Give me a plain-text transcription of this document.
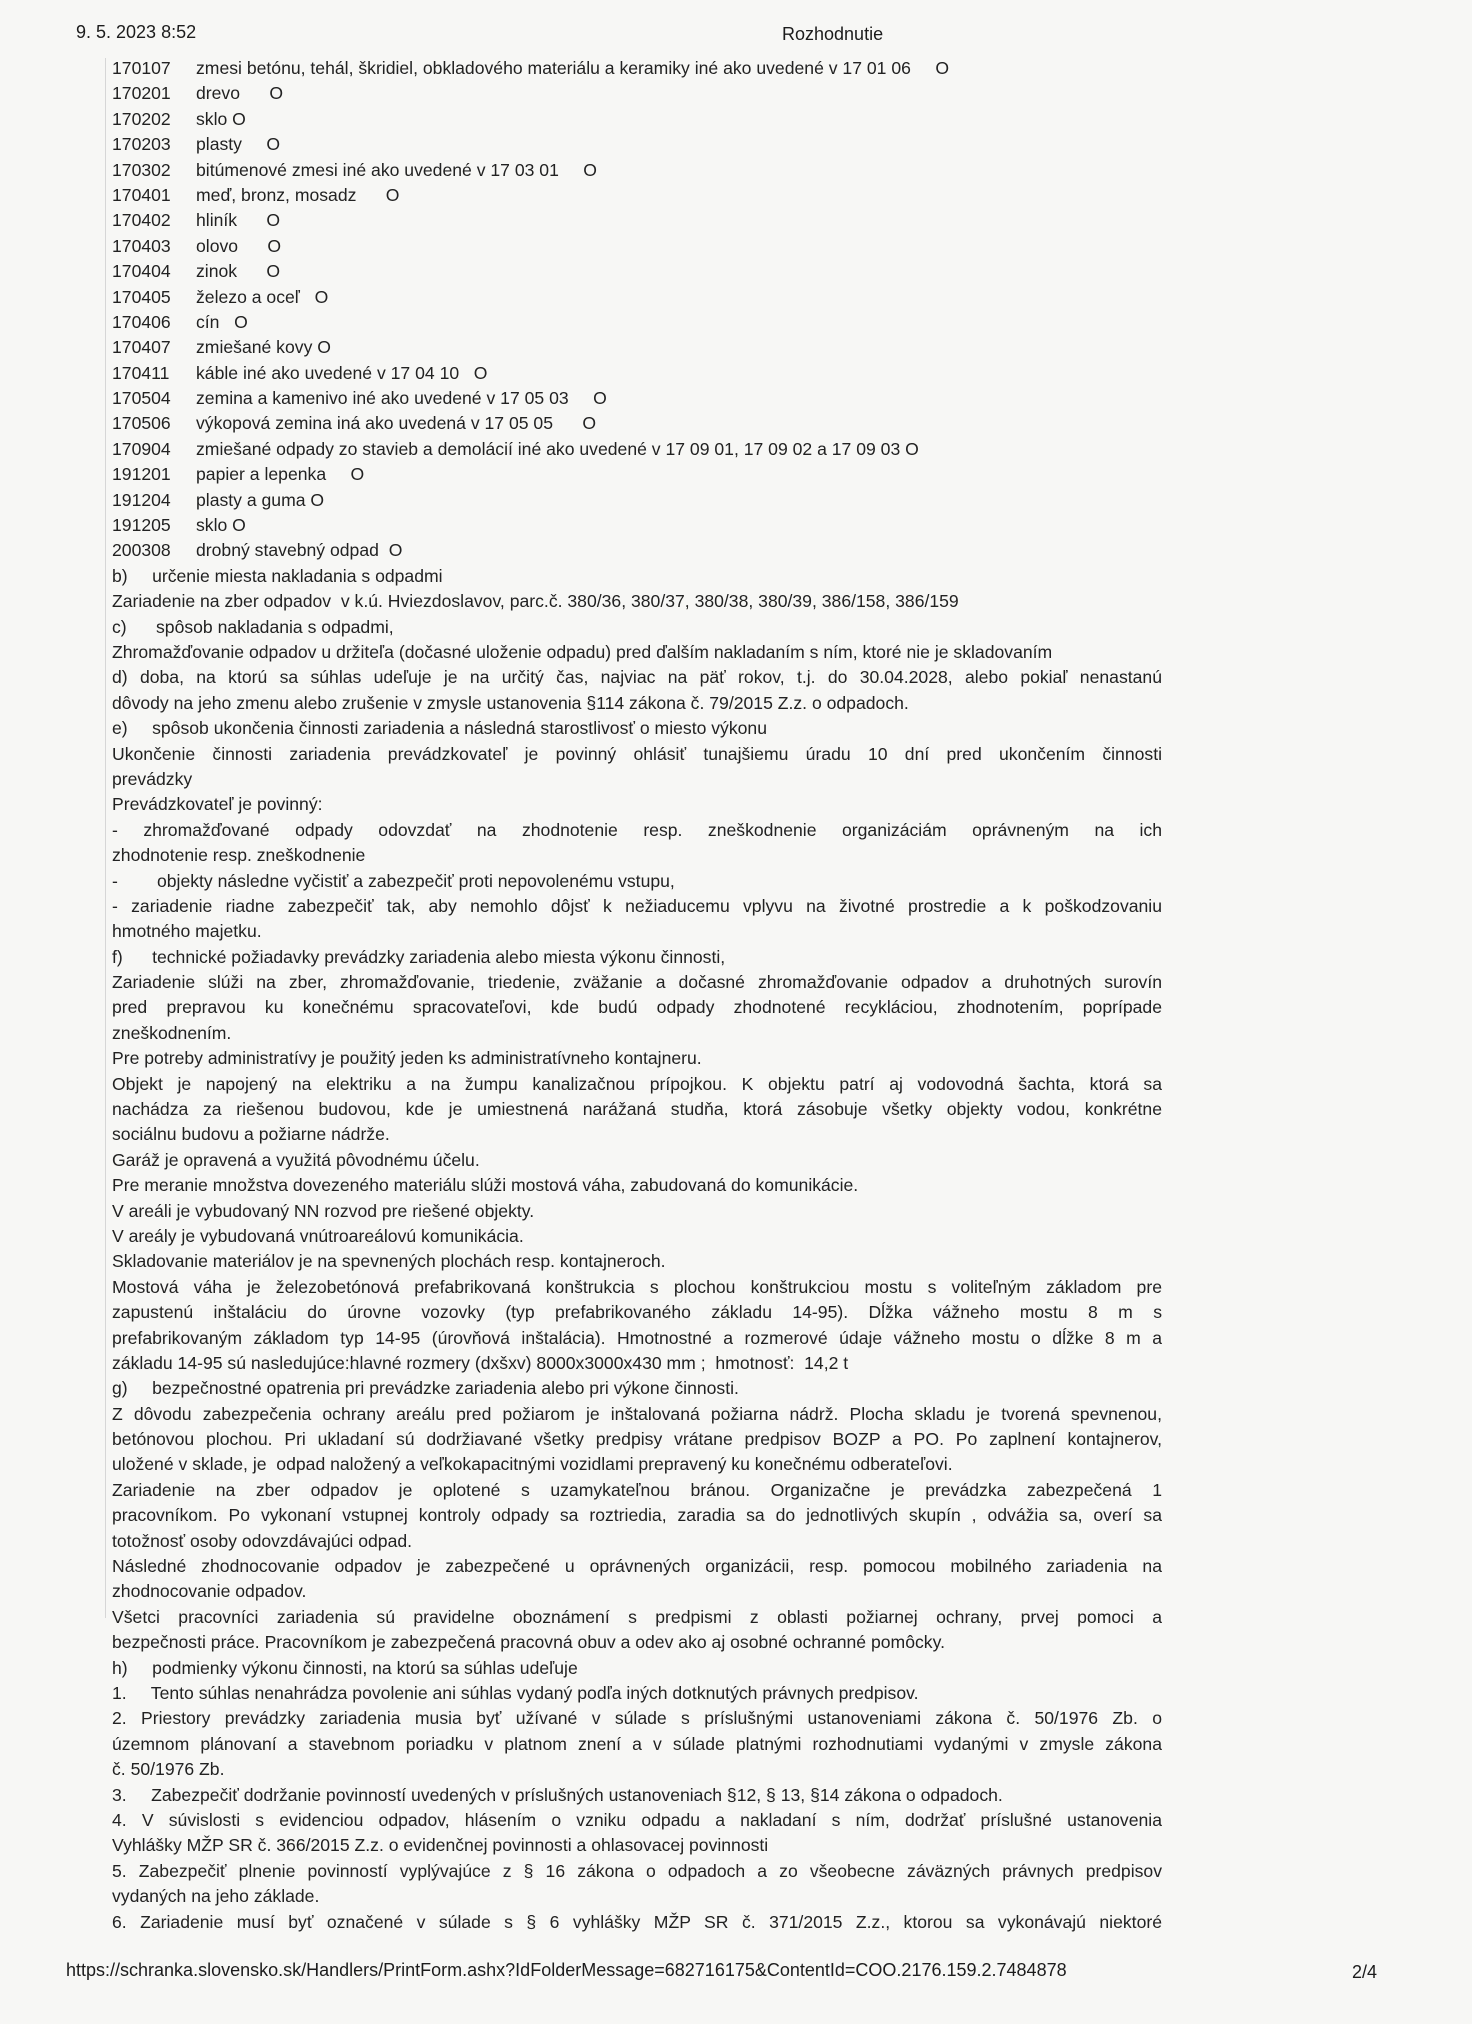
9. 5. 2023 8:52	Rozhodnutie
170107	zmesi betónu, tehál, škridiel, obkladového materiálu a keramiky iné ako uvedené v 17 01 06     O
170201	drevo      O
170202	sklo O
170203	plasty     O
170302	bitúmenové zmesi iné ako uvedené v 17 03 01     O
170401	meď, bronz, mosadz      O
170402	hliník      O
170403	olovo      O
170404	zinok      O
170405	železo a oceľ   O
170406	cín   O
170407	zmiešané kovy O
170411	káble iné ako uvedené v 17 04 10   O
170504	zemina a kamenivo iné ako uvedené v 17 05 03     O
170506	výkopová zemina iná ako uvedená v 17 05 05      O
170904	zmiešané odpady zo stavieb a demolácií iné ako uvedené v 17 09 01, 17 09 02 a 17 09 03 O
191201	papier a lepenka     O
191204	plasty a guma O
191205	sklo O
200308	drobný stavebný odpad  O
b)     určenie miesta nakladania s odpadmi
Zariadenie na zber odpadov  v k.ú. Hviezdoslavov, parc.č. 380/36, 380/37, 380/38, 380/39, 386/158, 386/159
c)      spôsob nakladania s odpadmi,
Zhromažďovanie odpadov u držiteľa (dočasné uloženie odpadu) pred ďalším nakladaním s ním, ktoré nie je skladovaním
d) doba, na ktorú sa súhlas udeľuje je na určitý čas, najviac na päť rokov, t.j. do 30.04.2028, alebo pokiaľ nenastanú
dôvody na jeho zmenu alebo zrušenie v zmysle ustanovenia §114 zákona č. 79/2015 Z.z. o odpadoch.
e)     spôsob ukončenia činnosti zariadenia a následná starostlivosť o miesto výkonu
Ukončenie činnosti zariadenia prevádzkovateľ je povinný ohlásiť tunajšiemu úradu 10 dní pred ukončením činnosti
prevádzky
Prevádzkovateľ je povinný:
- zhromažďované odpady odovzdať na zhodnotenie resp. zneškodnenie organizáciám oprávneným na ich
zhodnotenie resp. zneškodnenie
-        objekty následne vyčistiť a zabezpečiť proti nepovolenému vstupu,
- zariadenie riadne zabezpečiť tak, aby nemohlo dôjsť k nežiaducemu vplyvu na životné prostredie a k poškodzovaniu
hmotného majetku.
f)      technické požiadavky prevádzky zariadenia alebo miesta výkonu činnosti,
Zariadenie slúži na zber, zhromažďovanie, triedenie, zväžanie a dočasné zhromažďovanie odpadov a druhotných surovín
pred prepravou ku konečnému spracovateľovi, kde budú odpady zhodnotené recykláciou, zhodnotením, poprípade
zneškodnením.
Pre potreby administratívy je použitý jeden ks administratívneho kontajneru.
Objekt je napojený na elektriku a na žumpu kanalizačnou prípojkou. K objektu patrí aj vodovodná šachta, ktorá sa
nachádza za riešenou budovou, kde je umiestnená narážaná studňa, ktorá zásobuje všetky objekty vodou, konkrétne
sociálnu budovu a požiarne nádrže.
Garáž je opravená a využitá pôvodnému účelu.
Pre meranie množstva dovezeného materiálu slúži mostová váha, zabudovaná do komunikácie.
V areáli je vybudovaný NN rozvod pre riešené objekty.
V areály je vybudovaná vnútroareálovú komunikácia.
Skladovanie materiálov je na spevnených plochách resp. kontajneroch.
Mostová váha je železobetónová prefabrikovaná konštrukcia s plochou konštrukciou mostu s voliteľným základom pre
zapustenú inštaláciu do úrovne vozovky (typ prefabrikovaného základu 14-95). Dĺžka vážneho mostu 8 m s
prefabrikovaným základom typ 14-95 (úrovňová inštalácia). Hmotnostné a rozmerové údaje vážneho mostu o dĺžke 8 m a
základu 14-95 sú nasledujúce:hlavné rozmery (dxšxv) 8000x3000x430 mm ;  hmotnosť:  14,2 t
g)     bezpečnostné opatrenia pri prevádzke zariadenia alebo pri výkone činnosti.
Z dôvodu zabezpečenia ochrany areálu pred požiarom je inštalovaná požiarna nádrž. Plocha skladu je tvorená spevnenou,
betónovou plochou. Pri ukladaní sú dodržiavané všetky predpisy vrátane predpisov BOZP a PO. Po zaplnení kontajnerov,
uložené v sklade, je  odpad naložený a veľkokapacitnými vozidlami prepravený ku konečnému odberateľovi.
Zariadenie na zber odpadov je oplotené s uzamykateľnou bránou. Organizačne je prevádzka zabezpečená 1
pracovníkom. Po vykonaní vstupnej kontroly odpady sa roztriedia, zaradia sa do jednotlivých skupín , odvážia sa, overí sa
totožnosť osoby odovzdávajúci odpad.
Následné zhodnocovanie odpadov je zabezpečené u oprávnených organizácii, resp. pomocou mobilného zariadenia na
zhodnocovanie odpadov.
Všetci pracovníci zariadenia sú pravidelne oboznámení s predpismi z oblasti požiarnej ochrany, prvej pomoci a
bezpečnosti práce. Pracovníkom je zabezpečená pracovná obuv a odev ako aj osobné ochranné pomôcky.
h)     podmienky výkonu činnosti, na ktorú sa súhlas udeľuje
1.     Tento súhlas nenahrádza povolenie ani súhlas vydaný podľa iných dotknutých právnych predpisov.
2. Priestory prevádzky zariadenia musia byť užívané v súlade s príslušnými ustanoveniami zákona č. 50/1976 Zb. o
územnom plánovaní a stavebnom poriadku v platnom znení a v súlade platnými rozhodnutiami vydanými v zmysle zákona
č. 50/1976 Zb.
3.     Zabezpečiť dodržanie povinností uvedených v príslušných ustanoveniach §12, § 13, §14 zákona o odpadoch.
4. V súvislosti s evidenciou odpadov, hlásením o vzniku odpadu a nakladaní s ním, dodržať príslušné ustanovenia
Vyhlášky MŽP SR č. 366/2015 Z.z. o evidenčnej povinnosti a ohlasovacej povinnosti
5. Zabezpečiť plnenie povinností vyplývajúce z § 16 zákona o odpadoch a zo všeobecne záväzných právnych predpisov
vydaných na jeho základe.
6. Zariadenie musí byť označené v súlade s § 6 vyhlášky MŽP SR č. 371/2015 Z.z., ktorou sa vykonávajú niektoré
https://schranka.slovensko.sk/Handlers/PrintForm.ashx?IdFolderMessage=682716175&ContentId=COO.2176.159.2.7484878	2/4
